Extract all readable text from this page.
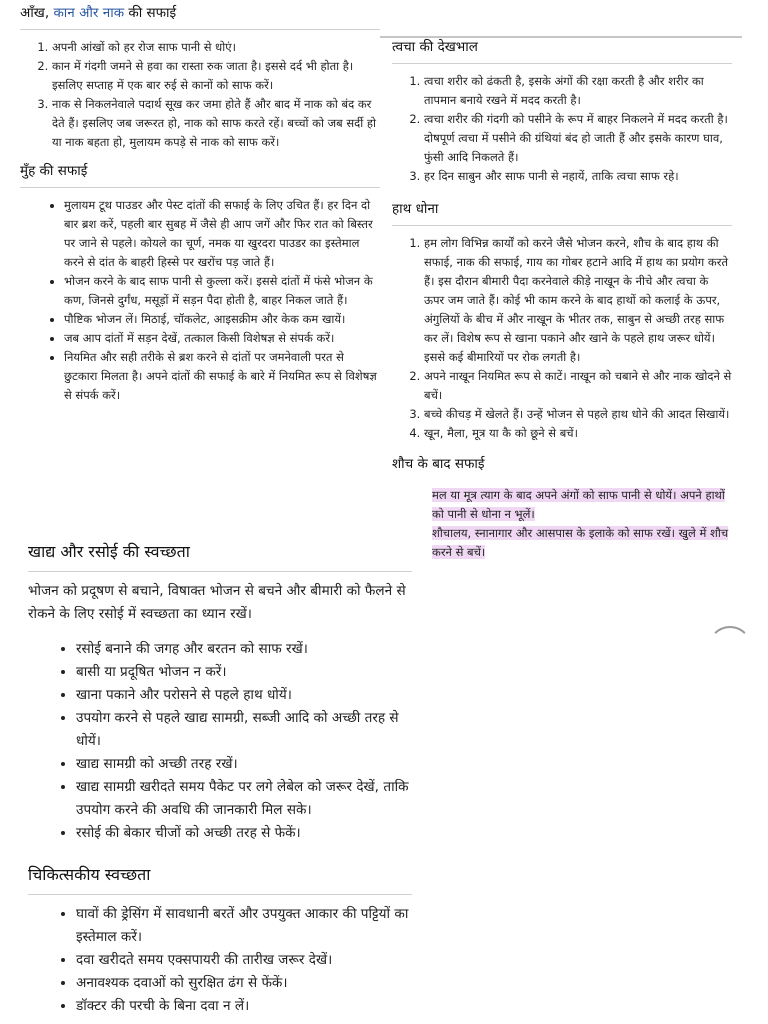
आँख, कान और नाक की सफाई
1. अपनी आंखों को हर रोज साफ पानी से धोएं।
2. कान में गंदगी जमने से हवा का रास्ता रुक जाता है। इससे दर्द भी होता है। इसलिए सप्ताह में एक बार रुई से कानों को साफ करें।
3. नाक से निकलनेवाले पदार्थ सूख कर जमा होते हैं और बाद में नाक को बंद कर देते हैं। इसलिए जब जरूरत हो, नाक को साफ करते रहें। बच्चों को जब सर्दी हो या नाक बहता हो, मुलायम कपड़े से नाक को साफ करें।
मुँह की सफाई
• मुलायम टूथ पाउडर और पेस्ट दांतों की सफाई के लिए उचित हैं। हर दिन दो बार ब्रश करें, पहली बार सुबह में जैसे ही आप जगें और फिर रात को बिस्तर पर जाने से पहले। कोयले का चूर्ण, नमक या खुरदरा पाउडर का इस्तेमाल करने से दांत के बाहरी हिस्से पर खरोंच पड़ जाते हैं।
• भोजन करने के बाद साफ पानी से कुल्ला करें। इससे दांतों में फंसे भोजन के कण, जिनसे दुर्गंध, मसूड़ों में सड़न पैदा होती है, बाहर निकल जाते हैं।
• पौष्टिक भोजन लें। मिठाई, चॉकलेट, आइसक्रीम और केक कम खायें।
• जब आप दांतों में सड़न देखें, तत्काल किसी विशेषज्ञ से संपर्क करें।
• नियमित और सही तरीके से ब्रश करने से दांतों पर जमनेवाली परत से छुटकारा मिलता है। अपने दांतों की सफाई के बारे में नियमित रूप से विशेषज्ञ से संपर्क करें।
त्वचा की देखभाल
1. त्वचा शरीर को ढंकती है, इसके अंगों की रक्षा करती है और शरीर का तापमान बनाये रखने में मदद करती है।
2. त्वचा शरीर की गंदगी को पसीने के रूप में बाहर निकलने में मदद करती है। दोषपूर्ण त्वचा में पसीने की ग्रंथियां बंद हो जाती हैं और इसके कारण घाव, फुंसी आदि निकलते हैं।
3. हर दिन साबुन और साफ पानी से नहायें, ताकि त्वचा साफ रहे।
हाथ धोना
1. हम लोग विभिन्न कार्यों को करने जैसे भोजन करने, शौच के बाद हाथ की सफाई, नाक की सफाई, गाय का गोबर हटाने आदि में हाथ का प्रयोग करते हैं। इस दौरान बीमारी पैदा करनेवाले कीड़े नाखून के नीचे और त्वचा के ऊपर जम जाते हैं। कोई भी काम करने के बाद हाथों को कलाई के ऊपर, अंगुलियों के बीच में और नाखून के भीतर तक, साबुन से अच्छी तरह साफ कर लें। विशेष रूप से खाना पकाने और खाने के पहले हाथ जरूर धोयें। इससे कई बीमारियों पर रोक लगती है।
2. अपने नाखून नियमित रूप से काटें। नाखून को चबाने से और नाक खोदने से बचें।
3. बच्चे कीचड़ में खेलते हैं। उन्हें भोजन से पहले हाथ धोने की आदत सिखायें।
4. खून, मैला, मूत्र या कै को छूने से बचें।
शौच के बाद सफाई
मल या मूत्र त्याग के बाद अपने अंगों को साफ पानी से धोयें। अपने हाथों को पानी से धोना न भूलें।
शौचालय, स्नानागार और आसपास के इलाके को साफ रखें। खुले में शौच करने से बचें।
खाद्य और रसोई की स्वच्छता

भोजन को प्रदूषण से बचाने, विषाक्त भोजन से बचने और बीमारी को फैलने से रोकने के लिए रसोई में स्वच्छता का ध्यान रखें।

• रसोई बनाने की जगह और बरतन को साफ रखें।
• बासी या प्रदूषित भोजन न करें।
• खाना पकाने और परोसने से पहले हाथ धोयें।
• उपयोग करने से पहले खाद्य सामग्री, सब्जी आदि को अच्छी तरह से धोयें।
• खाद्य सामग्री को अच्छी तरह रखें।
• खाद्य सामग्री खरीदते समय पैकेट पर लगे लेबेल को जरूर देखें, ताकि उपयोग करने की अवधि की जानकारी मिल सके।
• रसोई की बेकार चीजों को अच्छी तरह से फेकें।
चिकित्सकीय स्वच्छता
• घावों की ड्रेसिंग में सावधानी बरतें और उपयुक्त आकार की पट्टियों का इस्तेमाल करें।
• दवा खरीदते समय एक्सपायरी की तारीख जरूर देखें।
• अनावश्यक दवाओं को सुरक्षित ढंग से फेंकें।
• डॉक्टर की परची के बिना दवा न लें।
